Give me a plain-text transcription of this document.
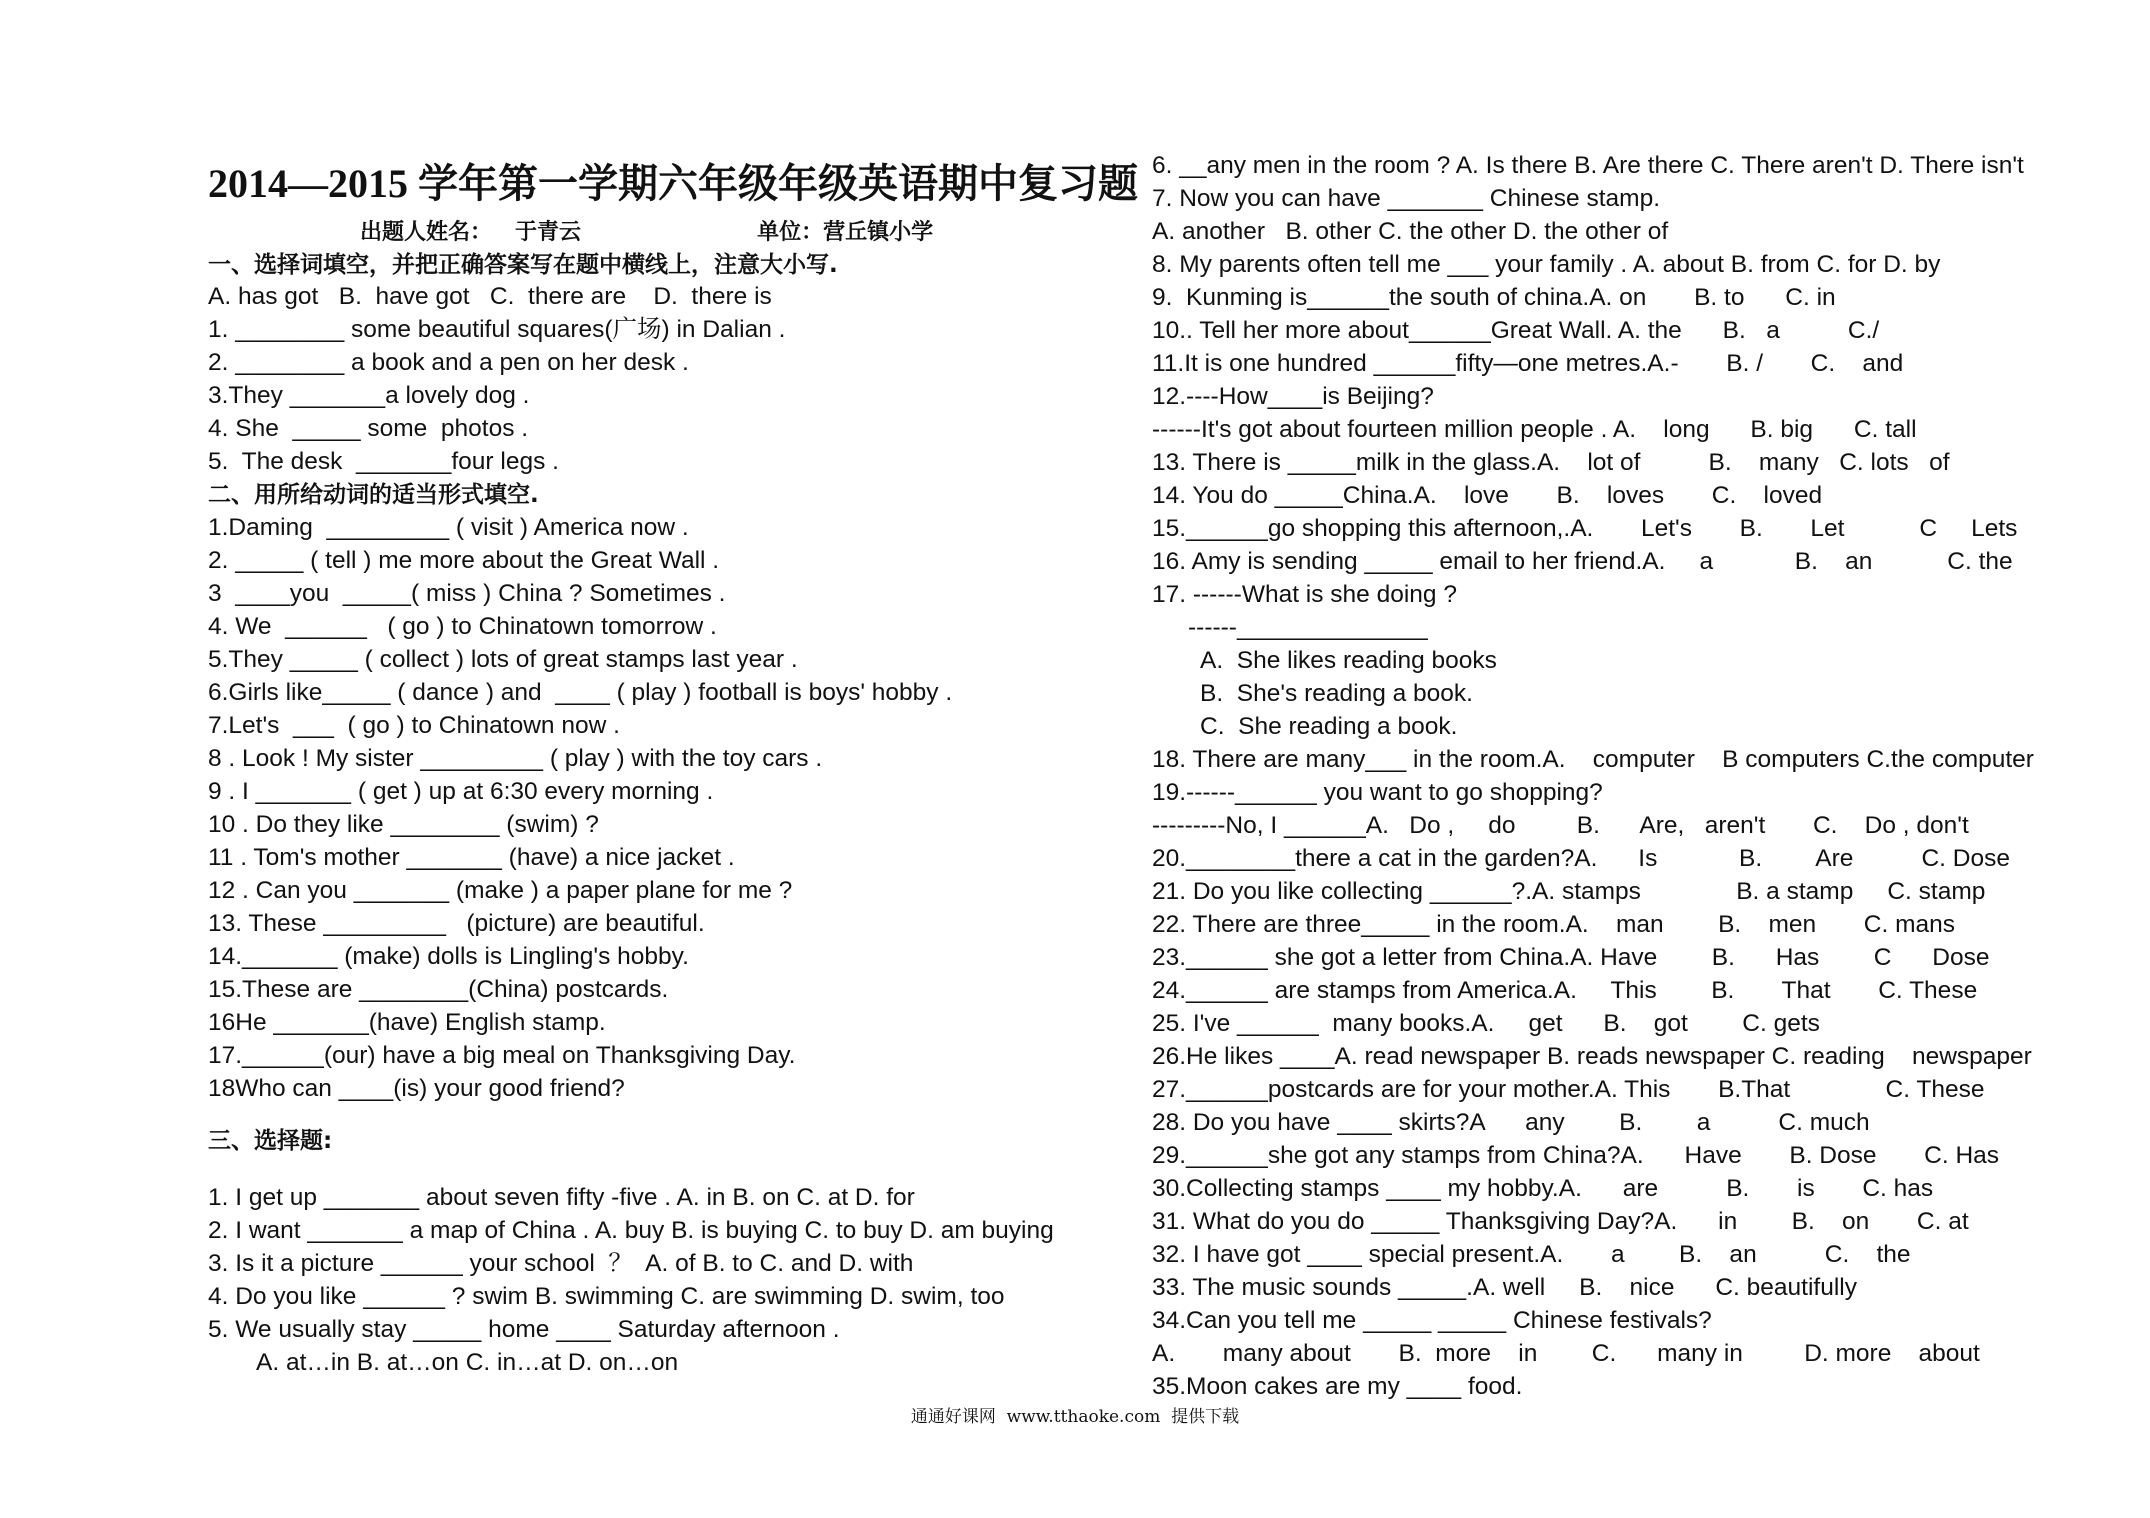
2014—2015 学年第一学期六年级年级英语期中复习题
出题人姓名：   于青云                       单位：营丘镇小学
一、选择词填空，并把正确答案写在题中横线上，注意大小写.
A. has got   B.  have got   C.  there are    D.  there is
1. ________ some beautiful squares(广场) in Dalian .
2. ________ a book and a pen on her desk .
3.They _______a lovely dog .
4. She  _____ some  photos .
5.  The desk  _______four legs .
二、用所给动词的适当形式填空.
1.Daming  _________ ( visit ) America now .
2. _____ ( tell ) me more about the Great Wall .
3  ____you  _____( miss ) China ? Sometimes .
4. We  ______   ( go ) to Chinatown tomorrow .
5.They _____ ( collect ) lots of great stamps last year .
6.Girls like_____ ( dance ) and  ____ ( play ) football is boys' hobby .
7.Let's  ___  ( go ) to Chinatown now .
8 . Look ! My sister _________ ( play ) with the toy cars .
9 . I _______ ( get ) up at 6:30 every morning .
10 . Do they like ________ (swim) ?
11 . Tom's mother _______ (have) a nice jacket .
12 . Can you _______ (make ) a paper plane for me ?
13. These _________   (picture) are beautiful.
14._______ (make) dolls is Lingling's hobby.
15.These are ________(China) postcards.
16He _______(have) English stamp.
17.______(our) have a big meal on Thanksgiving Day.
18Who can ____(is) your good friend?
三、选择题:
1. I get up _______ about seven fifty -five . A. in B. on C. at D. for
2. I want _______ a map of China . A. buy B. is buying C. to buy D. am buying
3. Is it a picture ______ your school  ？  A. of B. to C. and D. with
4. Do you like ______ ? swim B. swimming C. are swimming D. swim, too
5. We usually stay _____ home ____ Saturday afternoon .
A. at…in B. at…on C. in…at D. on…on
6. __any men in the room ? A. Is there B. Are there C. There aren't D. There isn't
7. Now you can have _______ Chinese stamp.
A. another   B. other C. the other D. the other of
8. My parents often tell me ___ your family . A. about B. from C. for D. by
9.  Kunming is______the south of china.A. on       B. to      C. in
10.. Tell her more about______Great Wall. A. the      B.   a          C./
11.It is one hundred ______fifty—one metres.A.-       B. /       C.    and
12.----How____is Beijing?
------It's got about fourteen million people . A.    long      B. big      C. tall
13. There is _____milk in the glass.A.    lot of          B.    many   C. lots   of
14. You do _____China.A.    love       B.    loves       C.    loved
15.______go shopping this afternoon,.A.       Let's       B.       Let           C     Lets
16. Amy is sending _____ email to her friend.A.     a            B.    an           C. the
17. ------What is she doing ?
------______________
A.  She likes reading books
B.  She's reading a book.
C.  She reading a book.
18. There are many___ in the room.A.    computer    B computers C.the computer
19.------______ you want to go shopping?
---------No, I ______A.   Do ,     do         B.      Are,   aren't       C.    Do , don't
20.________there a cat in the garden?A.      Is            B.        Are          C. Dose
21. Do you like collecting ______?.A. stamps              B. a stamp     C. stamp
22. There are three_____ in the room.A.    man        B.    men       C. mans
23.______ she got a letter from China.A. Have        B.      Has        C      Dose
24.______ are stamps from America.A.     This        B.       That       C. These
25. I've ______  many books.A.     get      B.    got        C. gets
26.He likes ____A. read newspaper B. reads newspaper C. reading    newspaper
27.______postcards are for your mother.A. This       B.That              C. These
28. Do you have ____ skirts?A      any        B.        a          C. much
29.______she got any stamps from China?A.      Have       B. Dose       C. Has
30.Collecting stamps ____ my hobby.A.      are          B.       is       C. has
31. What do you do _____ Thanksgiving Day?A.      in        B.    on       C. at
32. I have got ____ special present.A.       a        B.    an          C.    the
33. The music sounds _____.A. well     B.    nice      C. beautifully
34.Can you tell me _____ _____ Chinese festivals?
A.       many about       B.  more    in        C.      many in         D. more    about
35.Moon cakes are my ____ food.
通通好课网  www.tthaoke.com  提供下载
